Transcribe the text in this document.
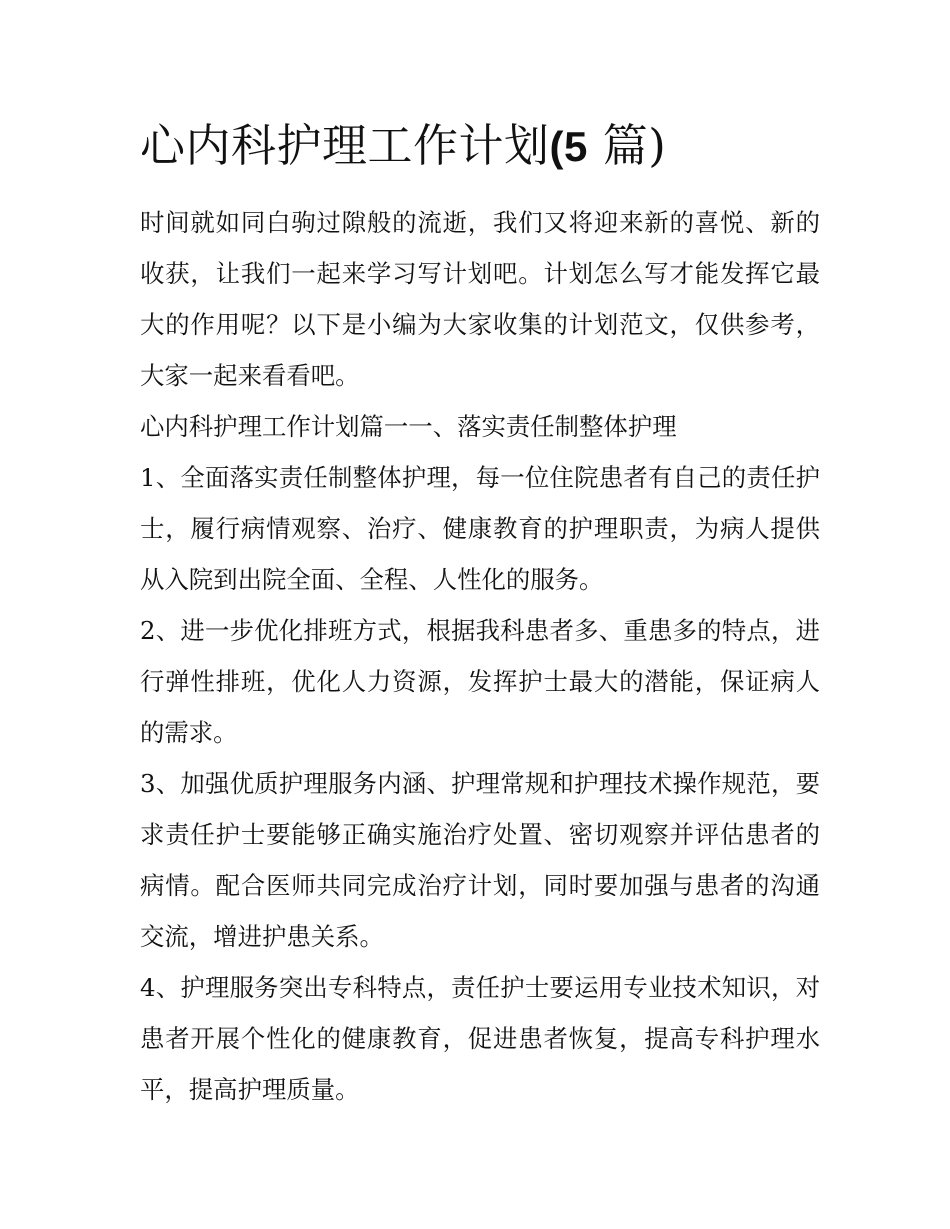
心内科护理工作计划(5 篇)

时间就如同白驹过隙般的流逝，我们又将迎来新的喜悦、新的收获，让我们一起来学习写计划吧。计划怎么写才能发挥它最大的作用呢？以下是小编为大家收集的计划范文，仅供参考，大家一起来看看吧。

心内科护理工作计划篇一一、落实责任制整体护理

1、全面落实责任制整体护理，每一位住院患者有自己的责任护士，履行病情观察、治疗、健康教育的护理职责，为病人提供从入院到出院全面、全程、人性化的服务。

2、进一步优化排班方式，根据我科患者多、重患多的特点，进行弹性排班，优化人力资源，发挥护士最大的潜能，保证病人的需求。

3、加强优质护理服务内涵、护理常规和护理技术操作规范，要求责任护士要能够正确实施治疗处置、密切观察并评估患者的病情。配合医师共同完成治疗计划，同时要加强与患者的沟通交流，增进护患关系。

4、护理服务突出专科特点，责任护士要运用专业技术知识，对患者开展个性化的健康教育，促进患者恢复，提高专科护理水平，提高护理质量。
